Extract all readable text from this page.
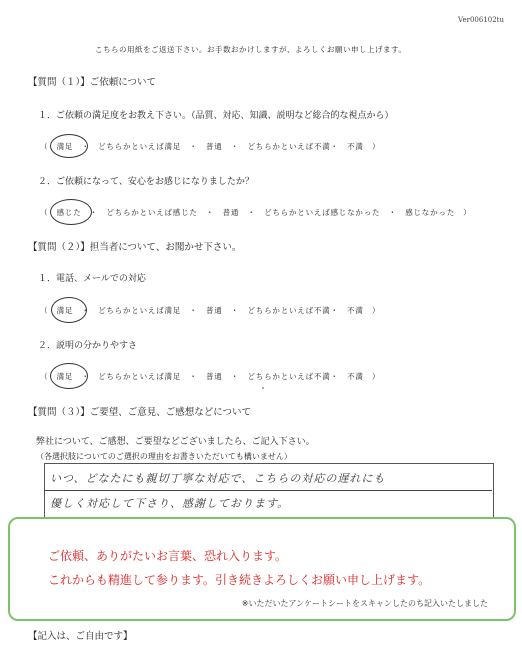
Ver006102tu
こちらの用紙をご返送下さい。お手数おかけしますが、よろしくお願い申し上げます。
【質問（１）】ご依頼について
１．ご依頼の満足度をお教え下さい。（品質、対応、知識、説明など総合的な視点から）
（　満足　・　どちらかといえば満足　・　普通　・　どちらかといえば不満・　不満　）
２．ご依頼になって、安心をお感じになりましたか？
（　感じた　・　どちらかといえば感じた　・　普通　・　どちらかといえば感じなかった　・　感じなかった　）
【質問（２）】担当者について、お聞かせ下さい。
１．電話、メールでの対応
（　満足　・　どちらかといえば満足　・　普通　・　どちらかといえば不満・　不満　）
２．説明の分かりやすさ
（　満足　・　どちらかといえば満足　・　普通　・　どちらかといえば不満・　不満　）
【質問（３）】ご要望、ご意見、ご感想などについて
弊社について、ご感想、ご要望などございましたら、ご記入下さい。
（各選択肢についてのご選択の理由をお書きいただいても構いません）
いつ、どなたにも親切丁寧な対応で、こちらの対応の遅れにも
優しく対応して下さり、感謝しております。
ご依頼、ありがたいお言葉、恐れ入ります。
これからも精進して参ります。引き続きよろしくお願い申し上げます。
※いただいたアンケートシートをスキャンしたのち記入いたしました
【記入は、ご自由です】
